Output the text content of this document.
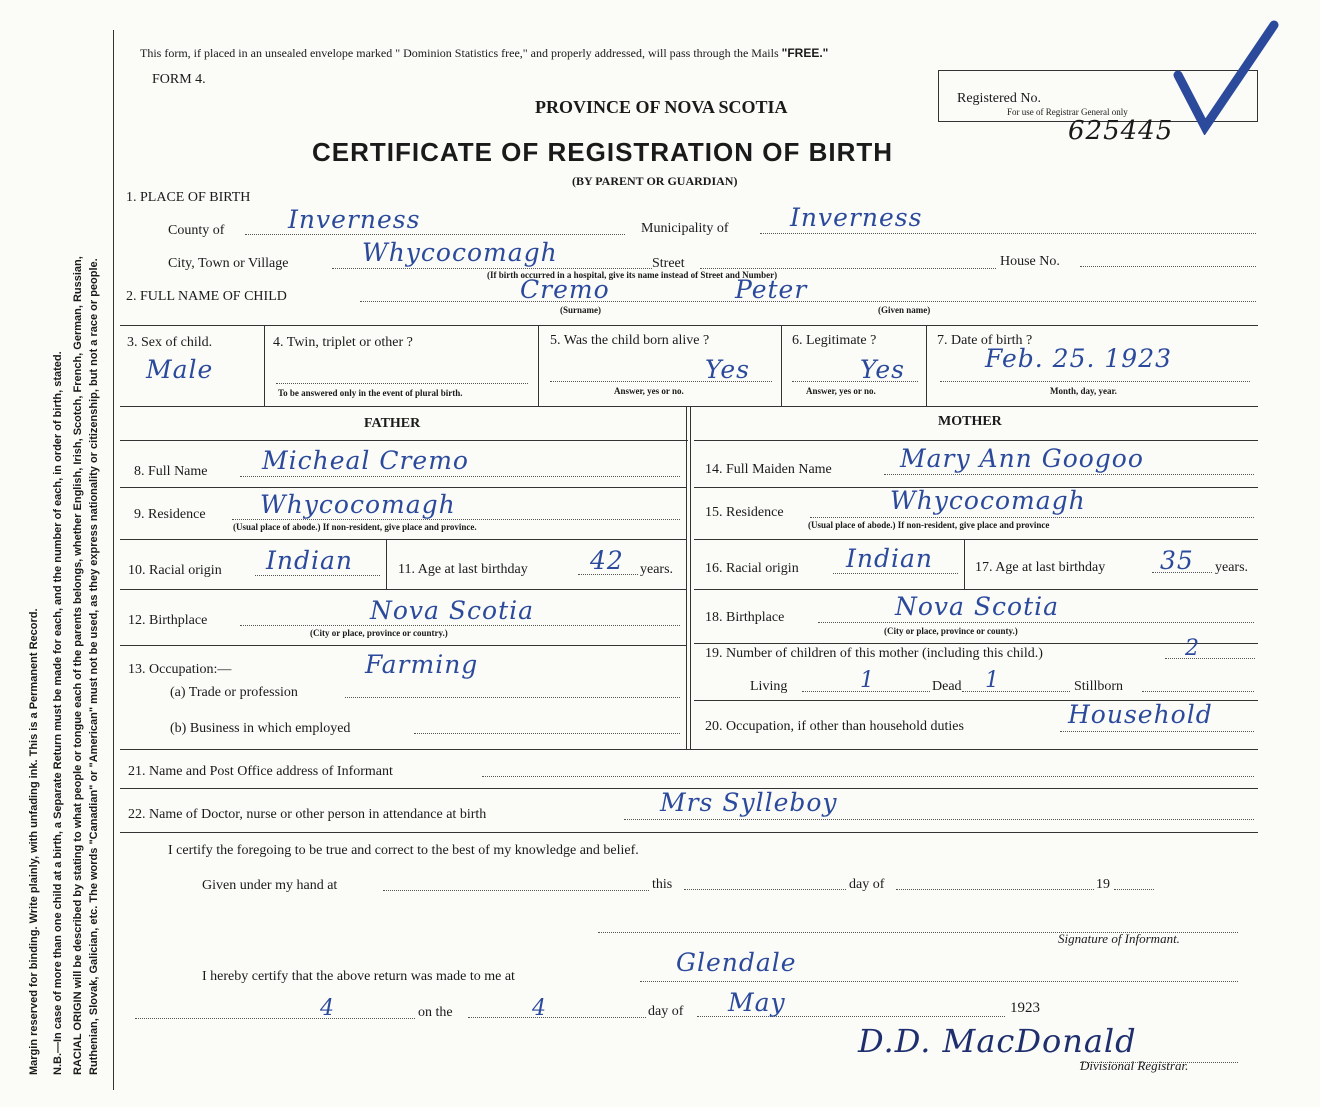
Margin reserved for binding. Write plainly, with unfading ink. This is a Permanent Record. N.B.—In case of more than one child at a birth, a Separate Return must be made for each, and the number of each, in order of birth, stated. RACIAL ORIGIN will be described by stating to what people or tongue each of the parents belongs, whether English, Irish, Scotch, French, German, Russian, Ruthenian, Slovak, Galician, etc. The words "Canadian" or "American" must not be used, as they express nationality or citizenship, but not a race or people.
This form, if placed in an unsealed envelope marked " Dominion Statistics free," and properly addressed, will pass through the Mails "FREE."
FORM 4.
PROVINCE OF NOVA SCOTIA
CERTIFICATE OF REGISTRATION OF BIRTH
(BY PARENT OR GUARDIAN)
Registered No.
For use of Registrar General only
625445
1. PLACE OF BIRTH
County of	Inverness	Municipality of Inverness
City, Town or Village	Whycocomagh	Street	House No.
(If birth occurred in a hospital, give its name instead of Street and Number)
2. FULL NAME OF CHILD	Cremo	Peter
(Surname)	(Given name)
3. Sex of child.
Male
4. Twin, triplet or other ?
To be answered only in the event of plural birth.
5. Was the child born alive ?
Yes
Answer, yes or no.
6. Legitimate ?
Yes
Answer, yes or no.
7. Date of birth ?
Feb. 25. 1923
Month, day, year.
FATHER	MOTHER
8. Full Name Micheal Cremo
9. Residence Whycocomagh
(Usual place of abode.) If non-resident, give place and province.
10. Racial origin Indian	11. Age at last birthday 42 years.
12. Birthplace	Nova Scotia
(City or place, province or country.)
13. Occupation:—	Farming
(a) Trade or profession
(b) Business in which employed
14. Full Maiden Name	Mary Ann Googoo
15. Residence	Whycocomagh
(Usual place of abode.) If non-resident, give place and province
16. Racial origin Indian	17. Age at last birthday 35 years.
18. Birthplace	Nova Scotia
(City or place, province or county.)
19. Number of children of this mother (including this child.)	2
Living	1	Dead 1	Stillborn
20. Occupation, if other than household duties	Household
21. Name and Post Office address of Informant
22. Name of Doctor, nurse or other person in attendance at birth	Mrs Sylleboy
I certify the foregoing to be true and correct to the best of my knowledge and belief.
Given under my hand at	this	day of	19
Signature of Informant.
I hereby certify that the above return was made to me at	Glendale
4	on the	4	day of May	1923
D.D. MacDonald
Divisional Registrar.
